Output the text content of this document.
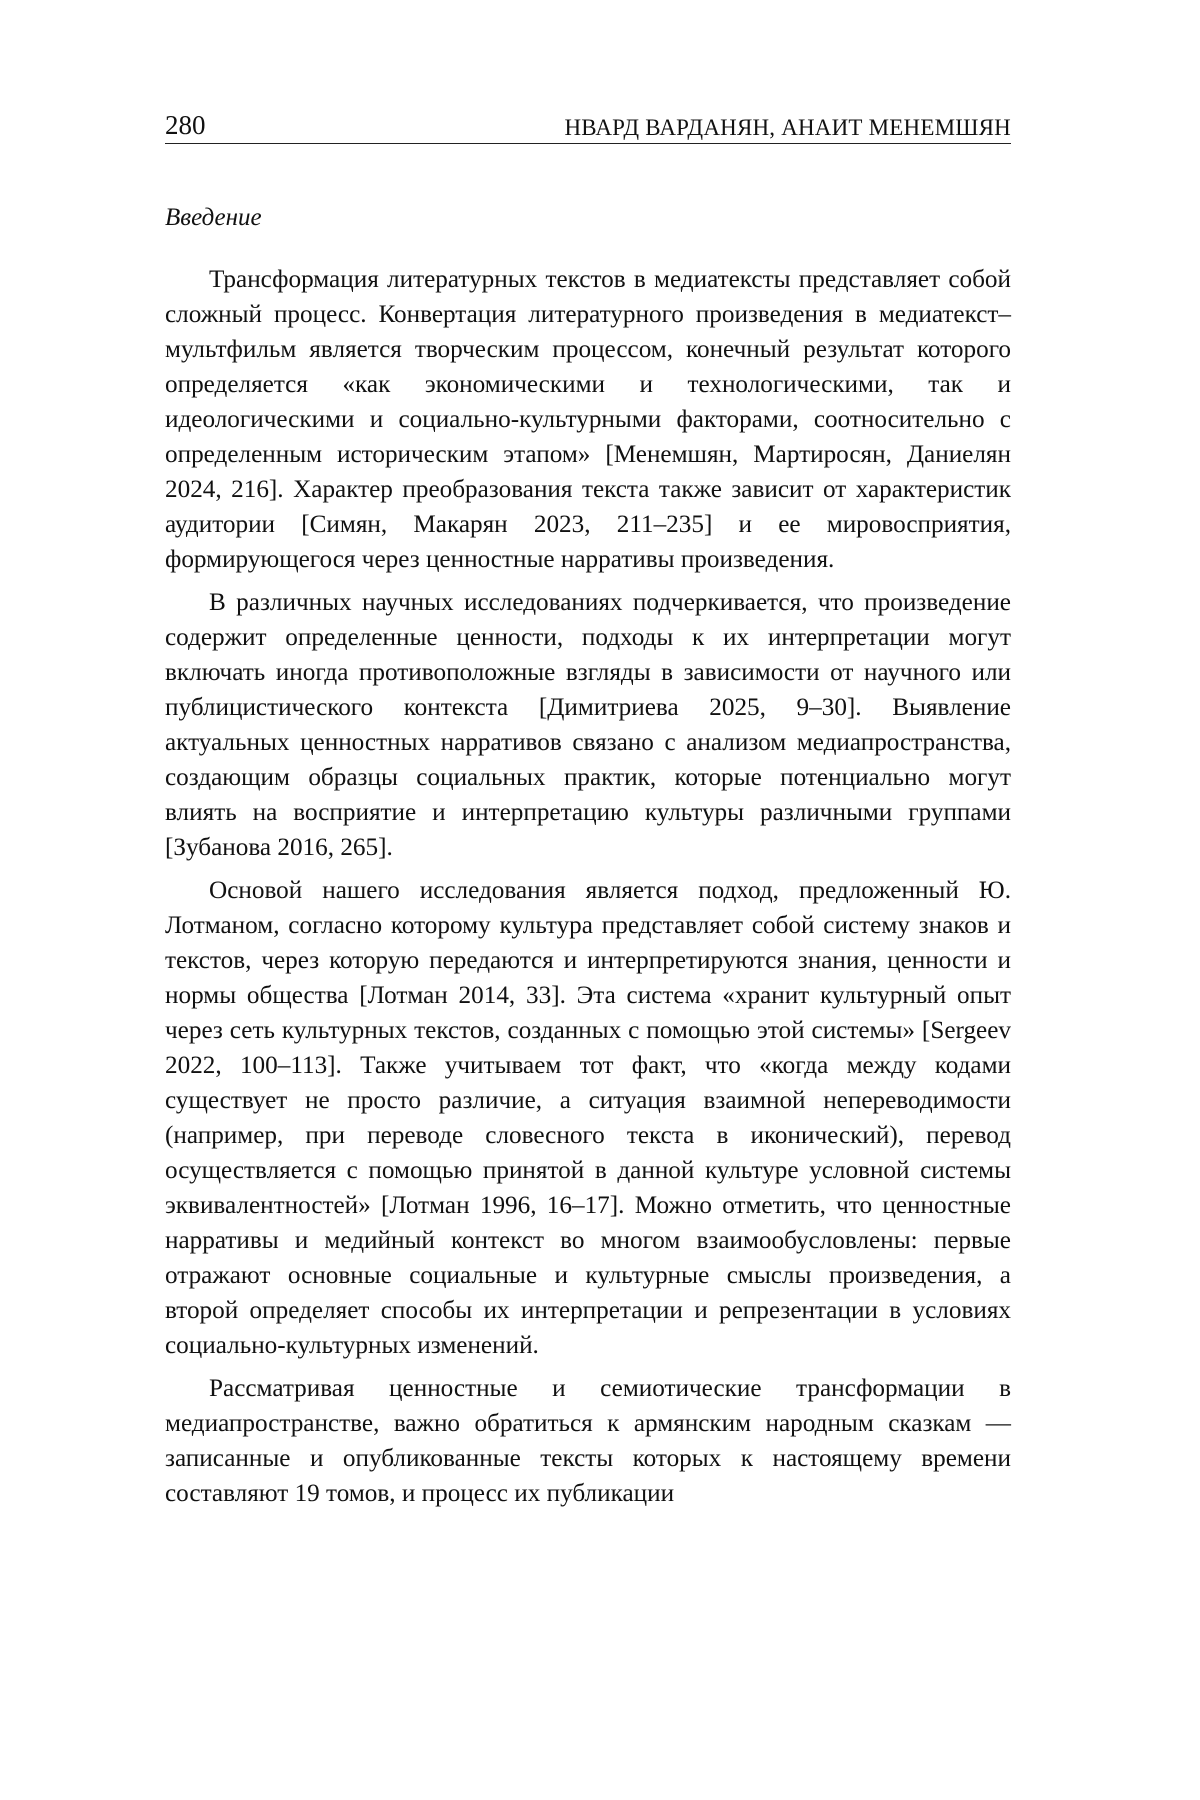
280	НВАРД ВАРДАНЯН, АНАИТ МЕНЕМШЯН
Введение

Трансформация литературных текстов в медиатексты представляет собой сложный процесс. Конвертация литературного произведения в медиатекст–мультфильм является творческим процессом, конечный результат которого определяется «как экономическими и технологическими, так и идеологическими и социально-культурными факторами, соотносительно с определенным историческим этапом» [Менемшян, Мартиросян, Даниелян 2024, 216]. Характер преобразования текста также зависит от характеристик аудитории [Симян, Макарян 2023, 211–235] и ее мировосприятия, формирующегося через ценностные нарративы произведения.

В различных научных исследованиях подчеркивается, что произведение содержит определенные ценности, подходы к их интерпретации могут включать иногда противоположные взгляды в зависимости от научного или публицистического контекста [Димитриева 2025, 9–30]. Выявление актуальных ценностных нарративов связано с анализом медиапространства, создающим образцы социальных практик, которые потенциально могут влиять на восприятие и интерпретацию культуры различными группами [Зубанова 2016, 265].

Основой нашего исследования является подход, предложенный Ю. Лотманом, согласно которому культура представляет собой систему знаков и текстов, через которую передаются и интерпретируются знания, ценности и нормы общества [Лотман 2014, 33]. Эта система «хранит культурный опыт через сеть культурных текстов, созданных с помощью этой системы» [Sergeev 2022, 100–113]. Также учитываем тот факт, что «когда между кодами существует не просто различие, а ситуация взаимной непереводимости (например, при переводе словесного текста в иконический), перевод осуществляется с помощью принятой в данной культуре условной системы эквивалентностей» [Лотман 1996, 16–17]. Можно отметить, что ценностные нарративы и медийный контекст во многом взаимообусловлены: первые отражают основные социальные и культурные смыслы произведения, а второй определяет способы их интерпретации и репрезентации в условиях социально-культурных изменений.

Рассматривая ценностные и семиотические трансформации в медиапространстве, важно обратиться к армянским народным сказкам — записанные и опубликованные тексты которых к настоящему времени составляют 19 томов, и процесс их публикации
